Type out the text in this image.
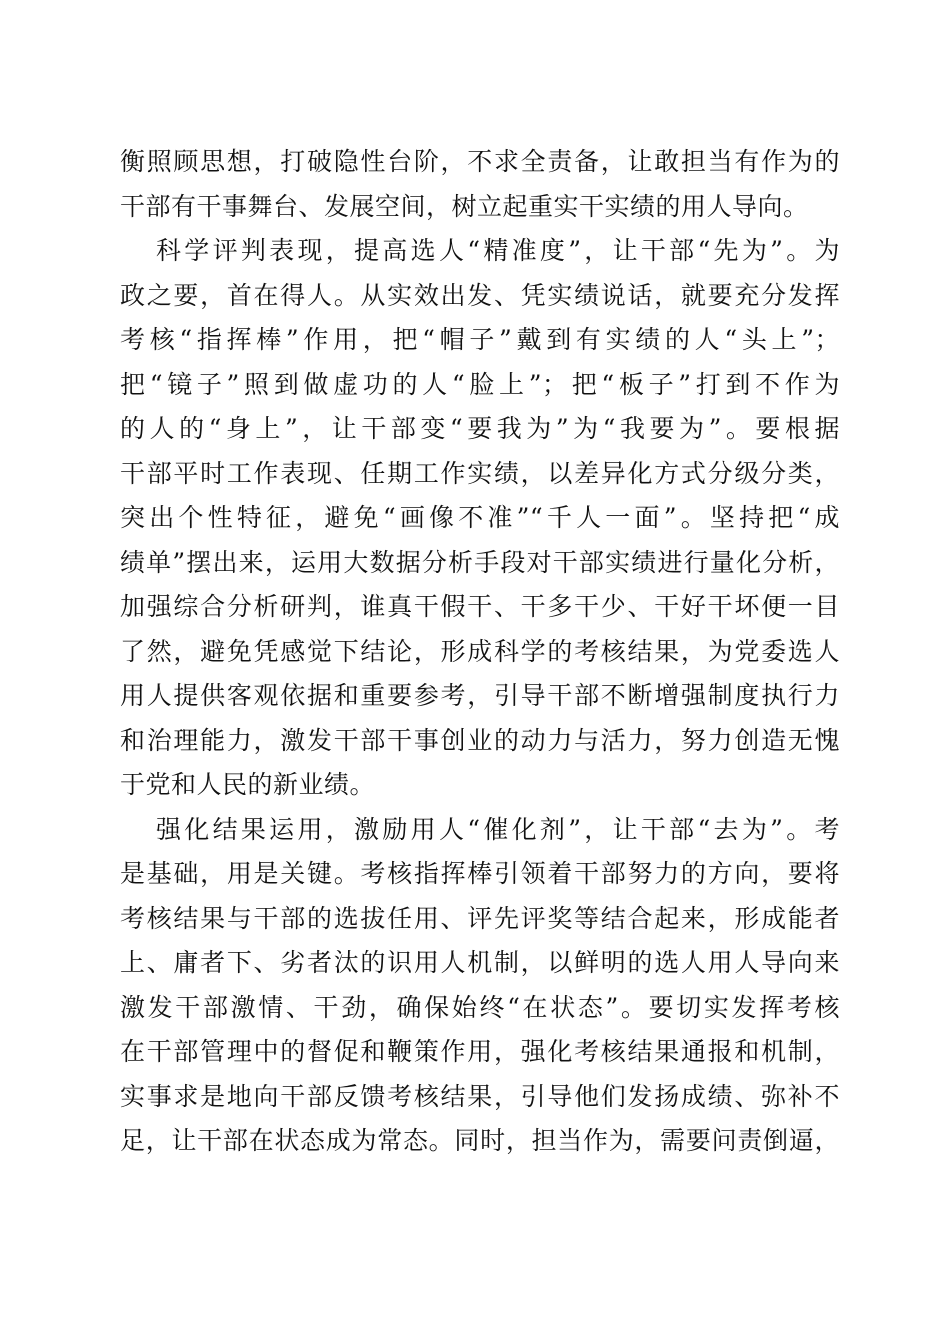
衡照顾思想，打破隐性台阶，不求全责备，让敢担当有作为的
干部有干事舞台、发展空间，树立起重实干实绩的用人导向。
科学评判表现，提高选人“精准度”，让干部“先为”。为
政之要，首在得人。从实效出发、凭实绩说话，就要充分发挥
考核“指挥棒”作用，把“帽子”戴到有实绩的人“头上”；
把“镜子”照到做虚功的人“脸上”；把“板子”打到不作为
的人的“身上”，让干部变“要我为”为“我要为”。要根据
干部平时工作表现、任期工作实绩，以差异化方式分级分类，
突出个性特征，避免“画像不准”“千人一面”。坚持把“成
绩单”摆出来，运用大数据分析手段对干部实绩进行量化分析，
加强综合分析研判，谁真干假干、干多干少、干好干坏便一目
了然，避免凭感觉下结论，形成科学的考核结果，为党委选人
用人提供客观依据和重要参考，引导干部不断增强制度执行力
和治理能力，激发干部干事创业的动力与活力，努力创造无愧
于党和人民的新业绩。
强化结果运用，激励用人“催化剂”，让干部“去为”。考
是基础，用是关键。考核指挥棒引领着干部努力的方向，要将
考核结果与干部的选拔任用、评先评奖等结合起来，形成能者
上、庸者下、劣者汰的识用人机制，以鲜明的选人用人导向来
激发干部激情、干劲，确保始终“在状态”。要切实发挥考核
在干部管理中的督促和鞭策作用，强化考核结果通报和机制，
实事求是地向干部反馈考核结果，引导他们发扬成绩、弥补不
足，让干部在状态成为常态。同时，担当作为，需要问责倒逼，
